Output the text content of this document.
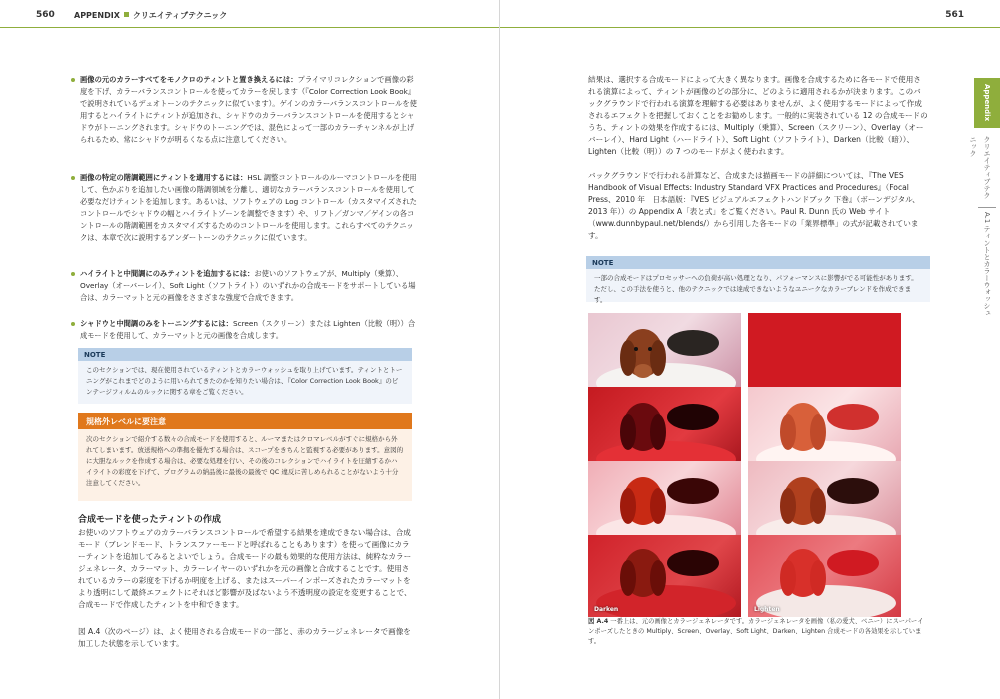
560 APPENDIX クリエイティブテクニック
画像の元のカラーすべてをモノクロのティントと置き換えるには：プライマリコレクションで画像の彩度を下げ、カラーバランスコントロールを使ってカラーを戻します（『Color Correction Look Book』で説明されているデュオトーンのテクニックに似ています）。ゲインのカラーバランスコントロールを使用するとハイライトにティントが追加され、シャドウのカラーバランスコントロールを使用するとシャドウがトーニングされます。シャドウのトーニングでは、混色によって一部のカラーチャンネルが上げられるため、常にシャドウが明るくなる点に注意してください。
画像の特定の階調範囲にティントを適用するには：HSL 調整コントロールのルーマコントロールを使用して、色かぶりを追加したい画像の階調領域を分離し、適切なカラーバランスコントロールを使用して必要なだけティントを追加します。あるいは、ソフトウェアの Log コントロール（カスタマイズされたコントロールでシャドウの幅とハイライトゾーンを調整できます）や、リフト／ガンマ／ゲインの各コントロールの階調範囲をカスタマイズするためのコントロールを使用します。これらすべてのテクニックは、本章で次に説明するアンダートーンのテクニックに似ています。
ハイライトと中間調にのみティントを追加するには：お使いのソフトウェアが、Multiply（乗算）、Overlay（オーバーレイ）、Soft Light（ソフトライト）のいずれかの合成モードをサポートしている場合は、カラーマットと元の画像をさまざまな強度で合成できます。
シャドウと中間調のみをトーニングするには：Screen（スクリーン）または Lighten（比較（明））合成モードを使用して、カラーマットと元の画像を合成します。
NOTE
このセクションでは、現在使用されているティントとカラーウォッシュを取り上げています。ティントとトーニングがこれまでどのように用いられてきたのかを知りたい場合は、『Color Correction Look Book』のビンテージフィルムのルックに関する章をご覧ください。
規格外レベルに要注意
次のセクションで紹介する数々の合成モードを使用すると、ルーマまたはクロマレベルがすぐに規格から外れてしまいます。放送規格への準拠を優先する場合は、スコープをきちんと監視する必要があります。意図的に大胆なルックを作成する場合は、必要な処理を行い、その後のコレクションでハイライトを圧縮するかハイライトの彩度を下げて、プログラムの納品後に最後の最後で QC 違反に苦しめられることがないよう十分注意してください。
合成モードを使ったティントの作成
お使いのソフトウェアのカラーバランスコントロールで希望する結果を達成できない場合は、合成モード（ブレンドモード、トランスファーモードと呼ばれることもあります）を使って画像にカラーティントを追加してみるとよいでしょう。合成モードの最も効果的な使用方法は、純粋なカラージェネレータ、カラーマット、カラーレイヤーのいずれかを元の画像と合成することです。使用されているカラーの彩度を下げるか明度を上げる、またはスーパーインポーズされたカラーマットをより透明にして最終エフェクトにそれほど影響が及ばないよう不透明度の設定を変更することで、合成モードで作成したティントを中和できます。
図 A.4（次のページ）は、よく使用される合成モードの一部と、赤のカラージェネレータで画像を加工した状態を示しています。
561
Appendix
クリエイティブテクニック
A.1 ティントとカラーウォッシュ
結果は、選択する合成モードによって大きく異なります。画像を合成するために各モードで使用される演算によって、ティントが画像のどの部分に、どのように適用されるかが決まります。このバックグラウンドで行われる演算を理解する必要はありませんが、よく使用するモードによって作成されるエフェクトを把握しておくことをお勧めします。一般的に実装されている 12 の合成モードのうち、ティントの効果を作成するには、Multiply（乗算）、Screen（スクリーン）、Overlay（オーバーレイ）、Hard Light（ハードライト）、Soft Light（ソフトライト）、Darken（比較（暗））、Lighten（比較（明））の 7 つのモードがよく使われます。
バックグラウンドで行われる計算など、合成または描画モードの詳細については、『The VES Handbook of Visual Effects: Industry Standard VFX Practices and Procedures』（Focal Press、2010 年　日本語版：『VES ビジュアルエフェクトハンドブック 下巻』（ボーンデジタル、2013 年））の Appendix A「表と式」をご覧ください。Paul R. Dunn 氏の Web サイト（www.dunnbypaul.net/blends/）から引用した各モードの「業界標準」の式が記載されています。
NOTE
一部の合成モードはプロセッサーへの負荷が高い処理となり、パフォーマンスに影響がでる可能性があります。ただし、この手法を使うと、他のテクニックでは達成できないようなユニークなカラーブレンドを作成できます。
Darken	Lighten
図 A.4 一番上は、元の画像とカラージェネレータです。カラージェネレータを画像（私の愛犬、ベニー）にスーパーインポーズしたときの Multiply、Screen、Overlay、Soft Light、Darken、Lighten 合成モードの各効果を示しています。
